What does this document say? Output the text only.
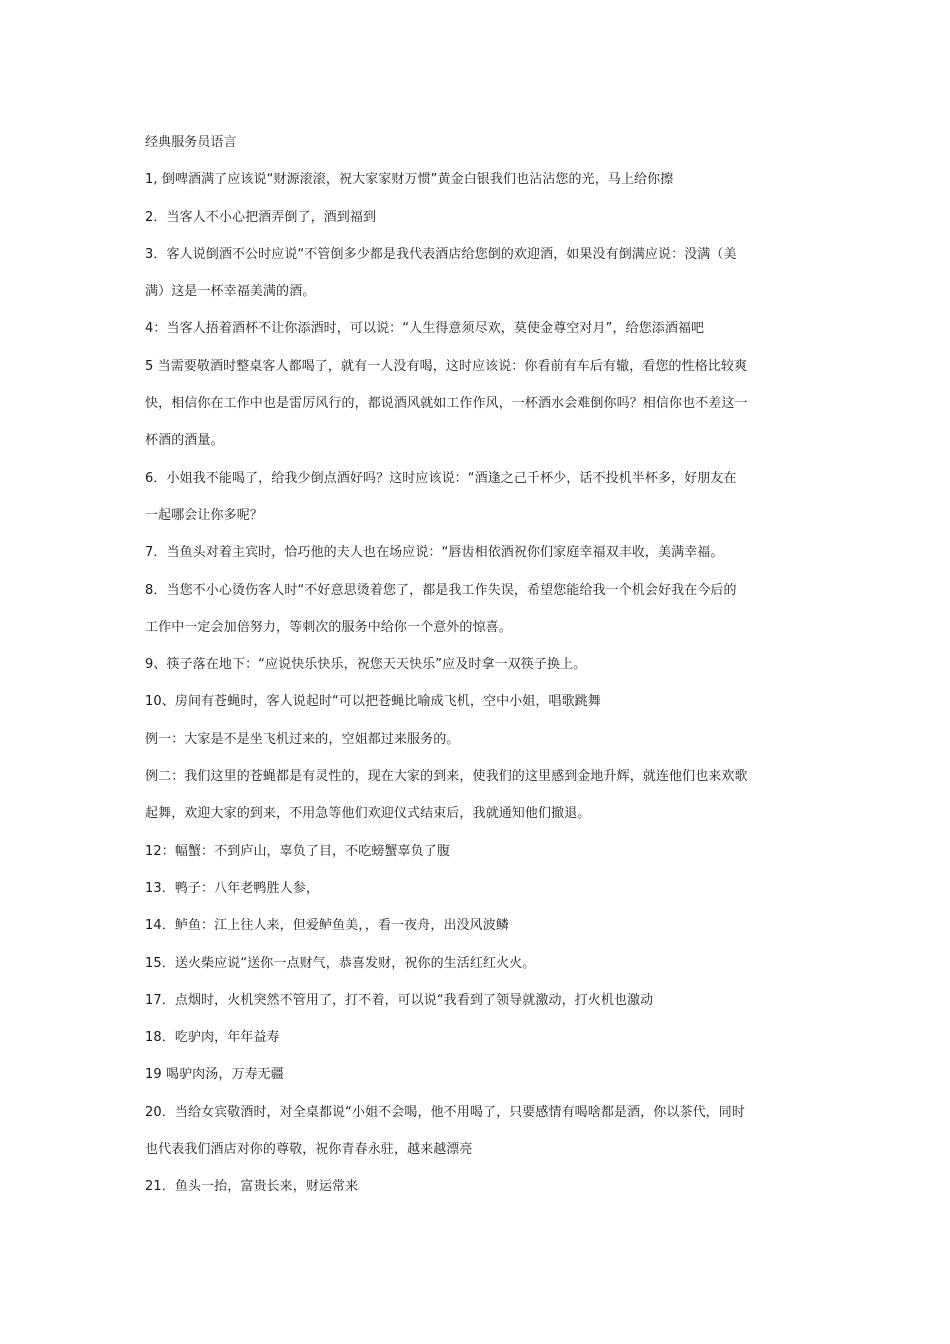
经典服务员语言
1, 倒啤酒满了应该说“财源滚滚，祝大家家财万惯”黄金白银我们也沾沾您的光，马上给你擦
2．当客人不小心把酒弄倒了，酒到福到
3．客人说倒酒不公时应说“不管倒多少都是我代表酒店给您倒的欢迎酒，如果没有倒满应说：没满（美
满）这是一杯幸福美满的酒。
4：当客人捂着酒杯不让你添酒时，可以说：“人生得意须尽欢，莫使金尊空对月”，给您添酒福吧
5 当需要敬酒时整桌客人都喝了，就有一人没有喝，这时应该说：你看前有车后有辙，看您的性格比较爽
快，相信你在工作中也是雷厉风行的，都说酒风就如工作作风，一杯酒水会难倒你吗？相信你也不差这一
杯酒的酒量。
6．小姐我不能喝了，给我少倒点酒好吗？这时应该说：“酒逢之己千杯少，话不投机半杯多，好朋友在
一起哪会让你多呢？
7．当鱼头对着主宾时，恰巧他的夫人也在场应说：“唇齿相依酒祝你们家庭幸福双丰收，美满幸福。
8．当您不小心烫伤客人时“不好意思烫着您了，都是我工作失误，希望您能给我一个机会好我在今后的
工作中一定会加倍努力，等刺次的服务中给你一个意外的惊喜。
9、筷子落在地下：“应说快乐快乐，祝您天天快乐”应及时拿一双筷子换上。
10、房间有苍蝇时，客人说起时“可以把苍蝇比喻成飞机，空中小姐，唱歌跳舞
例一：大家是不是坐飞机过来的，空姐都过来服务的。
例二：我们这里的苍蝇都是有灵性的，现在大家的到来，使我们的这里感到金地升辉，就连他们也来欢歌
起舞，欢迎大家的到来，不用急等他们欢迎仪式结束后，我就通知他们撤退。
12：幅蟹：不到庐山，辜负了目，不吃螃蟹辜负了腹
13．鸭子：八年老鸭胜人参，
14．鲈鱼：江上往人来，但爱鲈鱼美，，看一夜舟，出没风波鳞
15．送火柴应说“送你一点财气，恭喜发财，祝你的生活红红火火。
17．点烟时，火机突然不管用了，打不着，可以说“我看到了领导就激动，打火机也激动
18．吃驴肉，年年益寿
19 喝驴肉汤，万寿无疆
20．当给女宾敬酒时，对全桌都说“小姐不会喝，他不用喝了，只要感情有喝啥都是酒，你以茶代，同时
也代表我们酒店对你的尊敬，祝你青春永驻，越来越漂亮
21．鱼头一抬，富贵长来，财运常来
